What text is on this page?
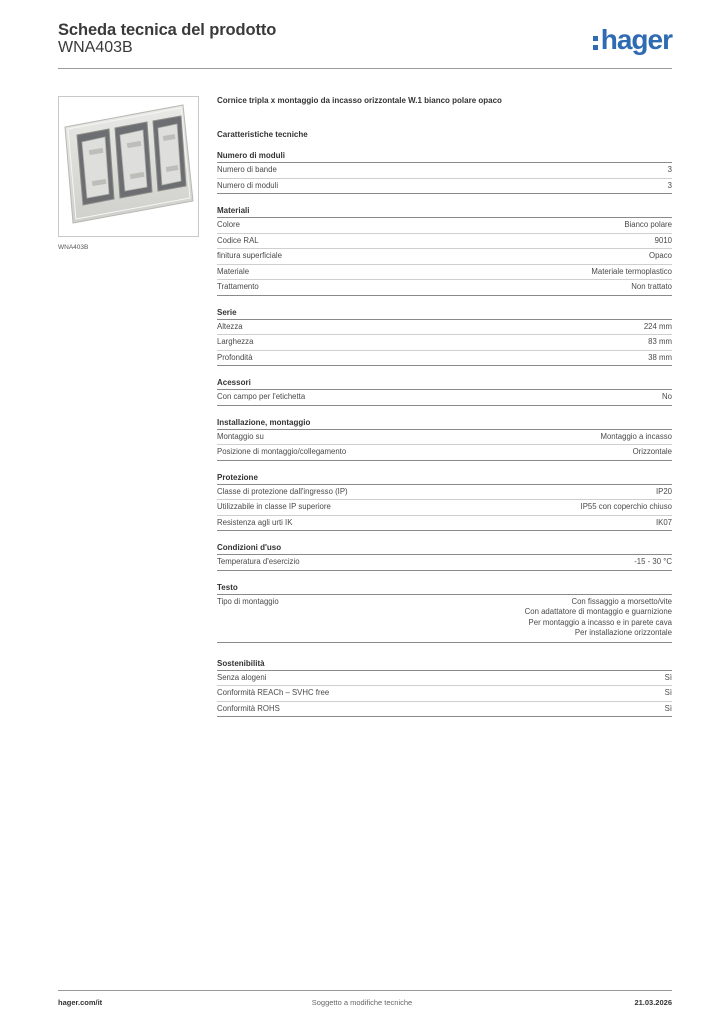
Scheda tecnica del prodotto
WNA403B	hager
WNA403B
Cornice tripla x montaggio da incasso orizzontale W.1 bianco polare opaco
Caratteristiche tecniche
Numero di moduli
Numero di bande	3
Numero di moduli	3
Materiali
Colore	Bianco polare
Codice RAL	9010
finitura superficiale	Opaco
Materiale	Materiale termoplastico
Trattamento	Non trattato
Serie
Altezza	224 mm
Larghezza	83 mm
Profondità	38 mm
Acessori
Con campo per l'etichetta	No
Installazione, montaggio
Montaggio su	Montaggio a incasso
Posizione di montaggio/collegamento	Orizzontale
Protezione
Classe di protezione dall'ingresso (IP)	IP20
Utilizzabile in classe IP superiore	IP55 con coperchio chiuso
Resistenza agli urti IK	IK07
Condizioni d'uso
Temperatura d'esercizio	-15 - 30 °C
Testo
Tipo di montaggio	Con fissaggio a morsetto/vite
Con adattatore di montaggio e guarnizione
Per montaggio a incasso e in parete cava
Per installazione orizzontale
Sostenibilità
Senza alogeni	Sì
Conformità REACh – SVHC free	Sì
Conformità ROHS	Sì
hager.com/it	Soggetto a modifiche tecniche	21.03.2026
